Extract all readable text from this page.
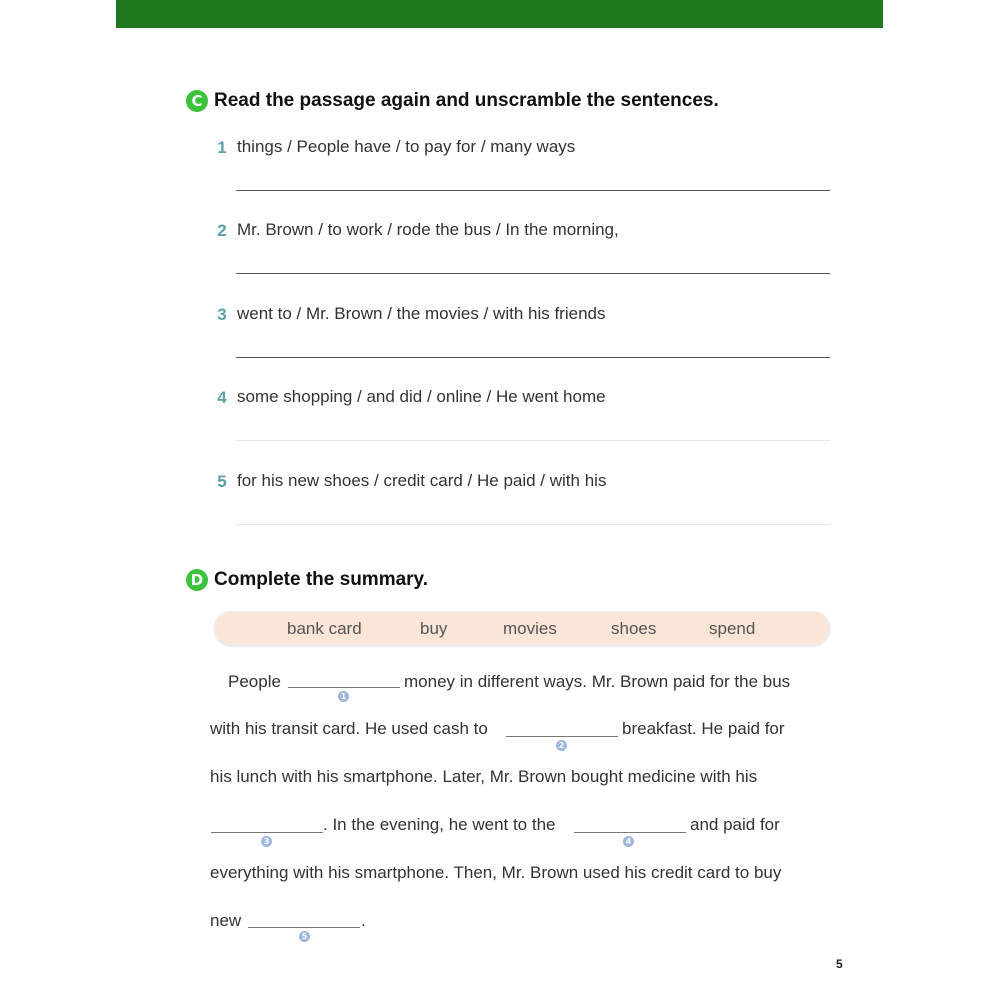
C Read the passage again and unscramble the sentences.
1 things / People have / to pay for / many ways
2 Mr. Brown / to work / rode the bus / In the morning,
3 went to / Mr. Brown / the movies / with his friends
4 some shopping / and did / online / He went home
5 for his new shoes / credit card / He paid / with his
D Complete the summary.
bank card	buy	movies	shoes	spend
People
1
money in different ways. Mr. Brown paid for the bus
with his transit card. He used cash to
2
breakfast. He paid for
his lunch with his smartphone. Later, Mr. Brown bought medicine with his
3
. In the evening, he went to the
4
and paid for
everything with his smartphone. Then, Mr. Brown used his credit card to buy
new
5
.
5
